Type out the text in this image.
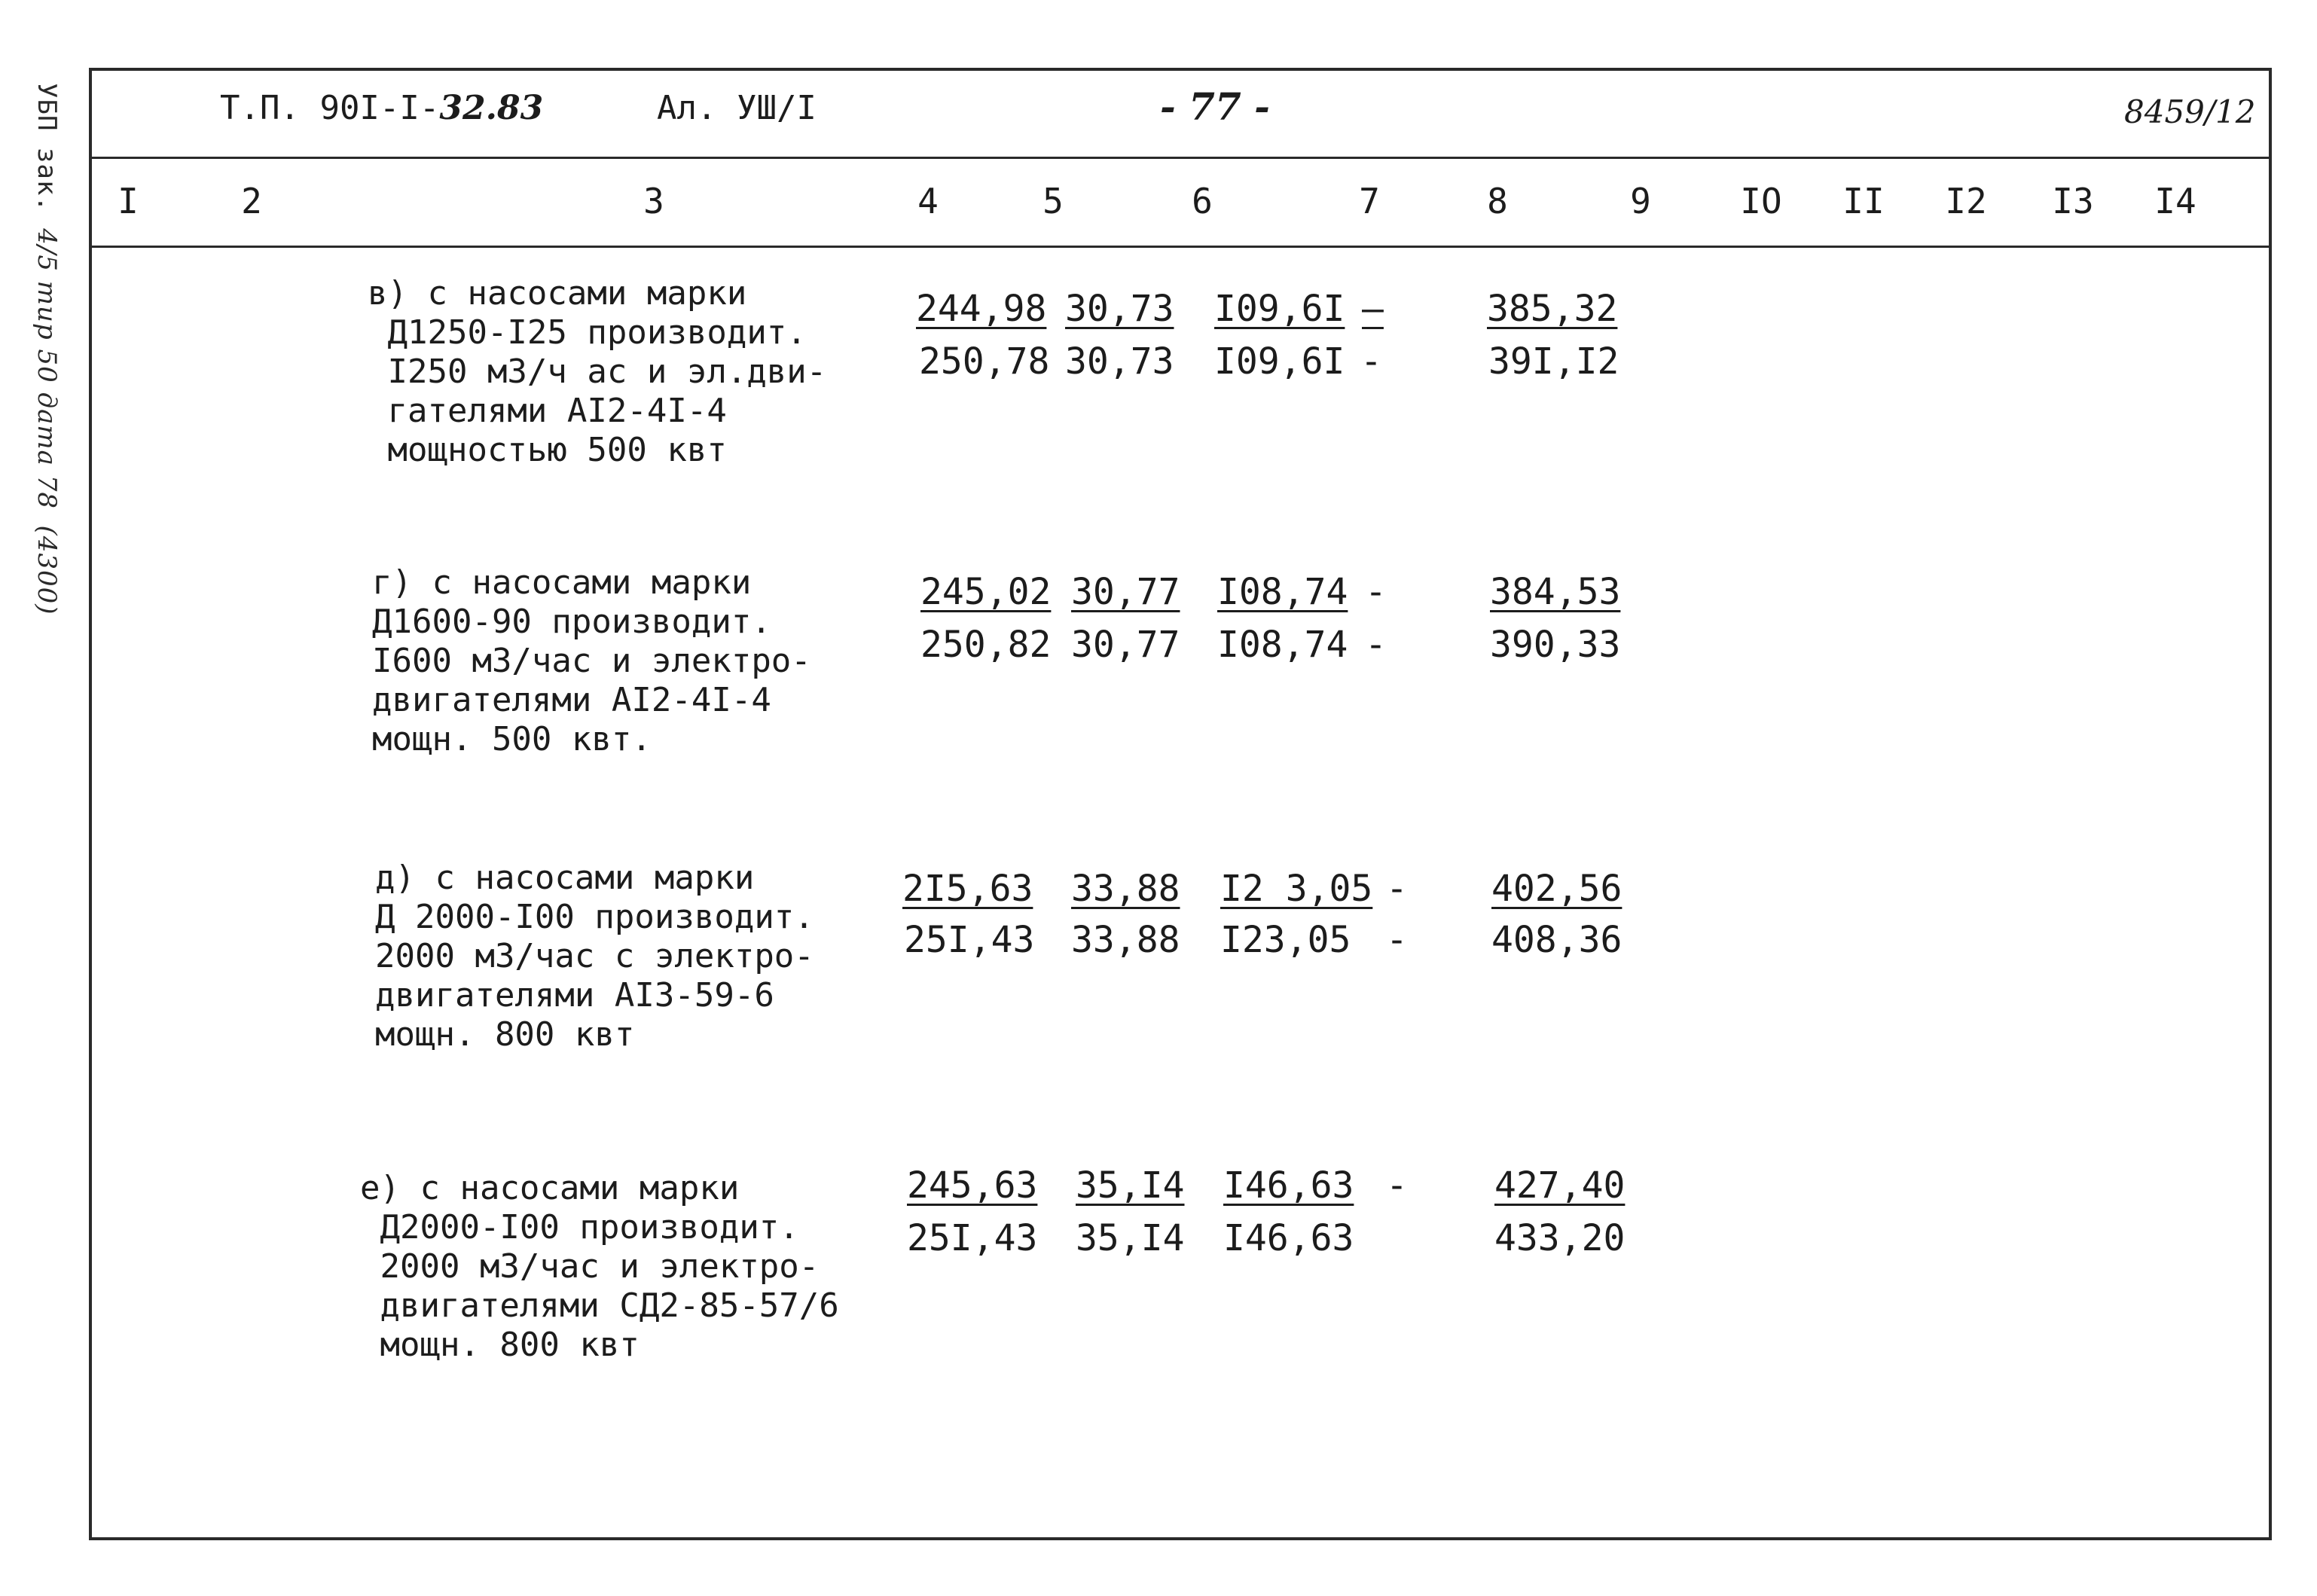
УБП зак. 4/5 тир 50 дата 78 (4300)
Т.П. 90I-I-32.83	Ал. УШ/I	- 77 -	8459/12
I	2	3	4	5	6	7	8	9	IO II I2 I3 I4
в) с насосами марки
Д1250-I25 производит.
I250 м3/ч ас и эл.дви-
гателями АI2-4I-4
мощностью 500 квт
244,98 30,73 I09,6I –	385,32
250,78 30,73 I09,6I -	39I,I2
г) с насосами марки
Д1600-90 производит.
I600 м3/час и электро-
двигателями АI2-4I-4
мощн. 500 квт.
245,02 30,77 I08,74 -	384,53
250,82 30,77 I08,74 -	390,33
д) с насосами марки
Д 2000-I00 производит.
2000 м3/час с электро-
двигателями АI3-59-6
мощн. 800 квт
2I5,63 33,88 I2 3,05 - 402,56
25I,43 33,88 I23,05 - 408,36
е) с насосами марки
Д2000-I00 производит.
2000 м3/час и электро-
двигателями СД2-85-57/6
мощн. 800 квт
245,63 35,I4 I46,63 - 427,40
25I,43 35,I4 I46,63	433,20
